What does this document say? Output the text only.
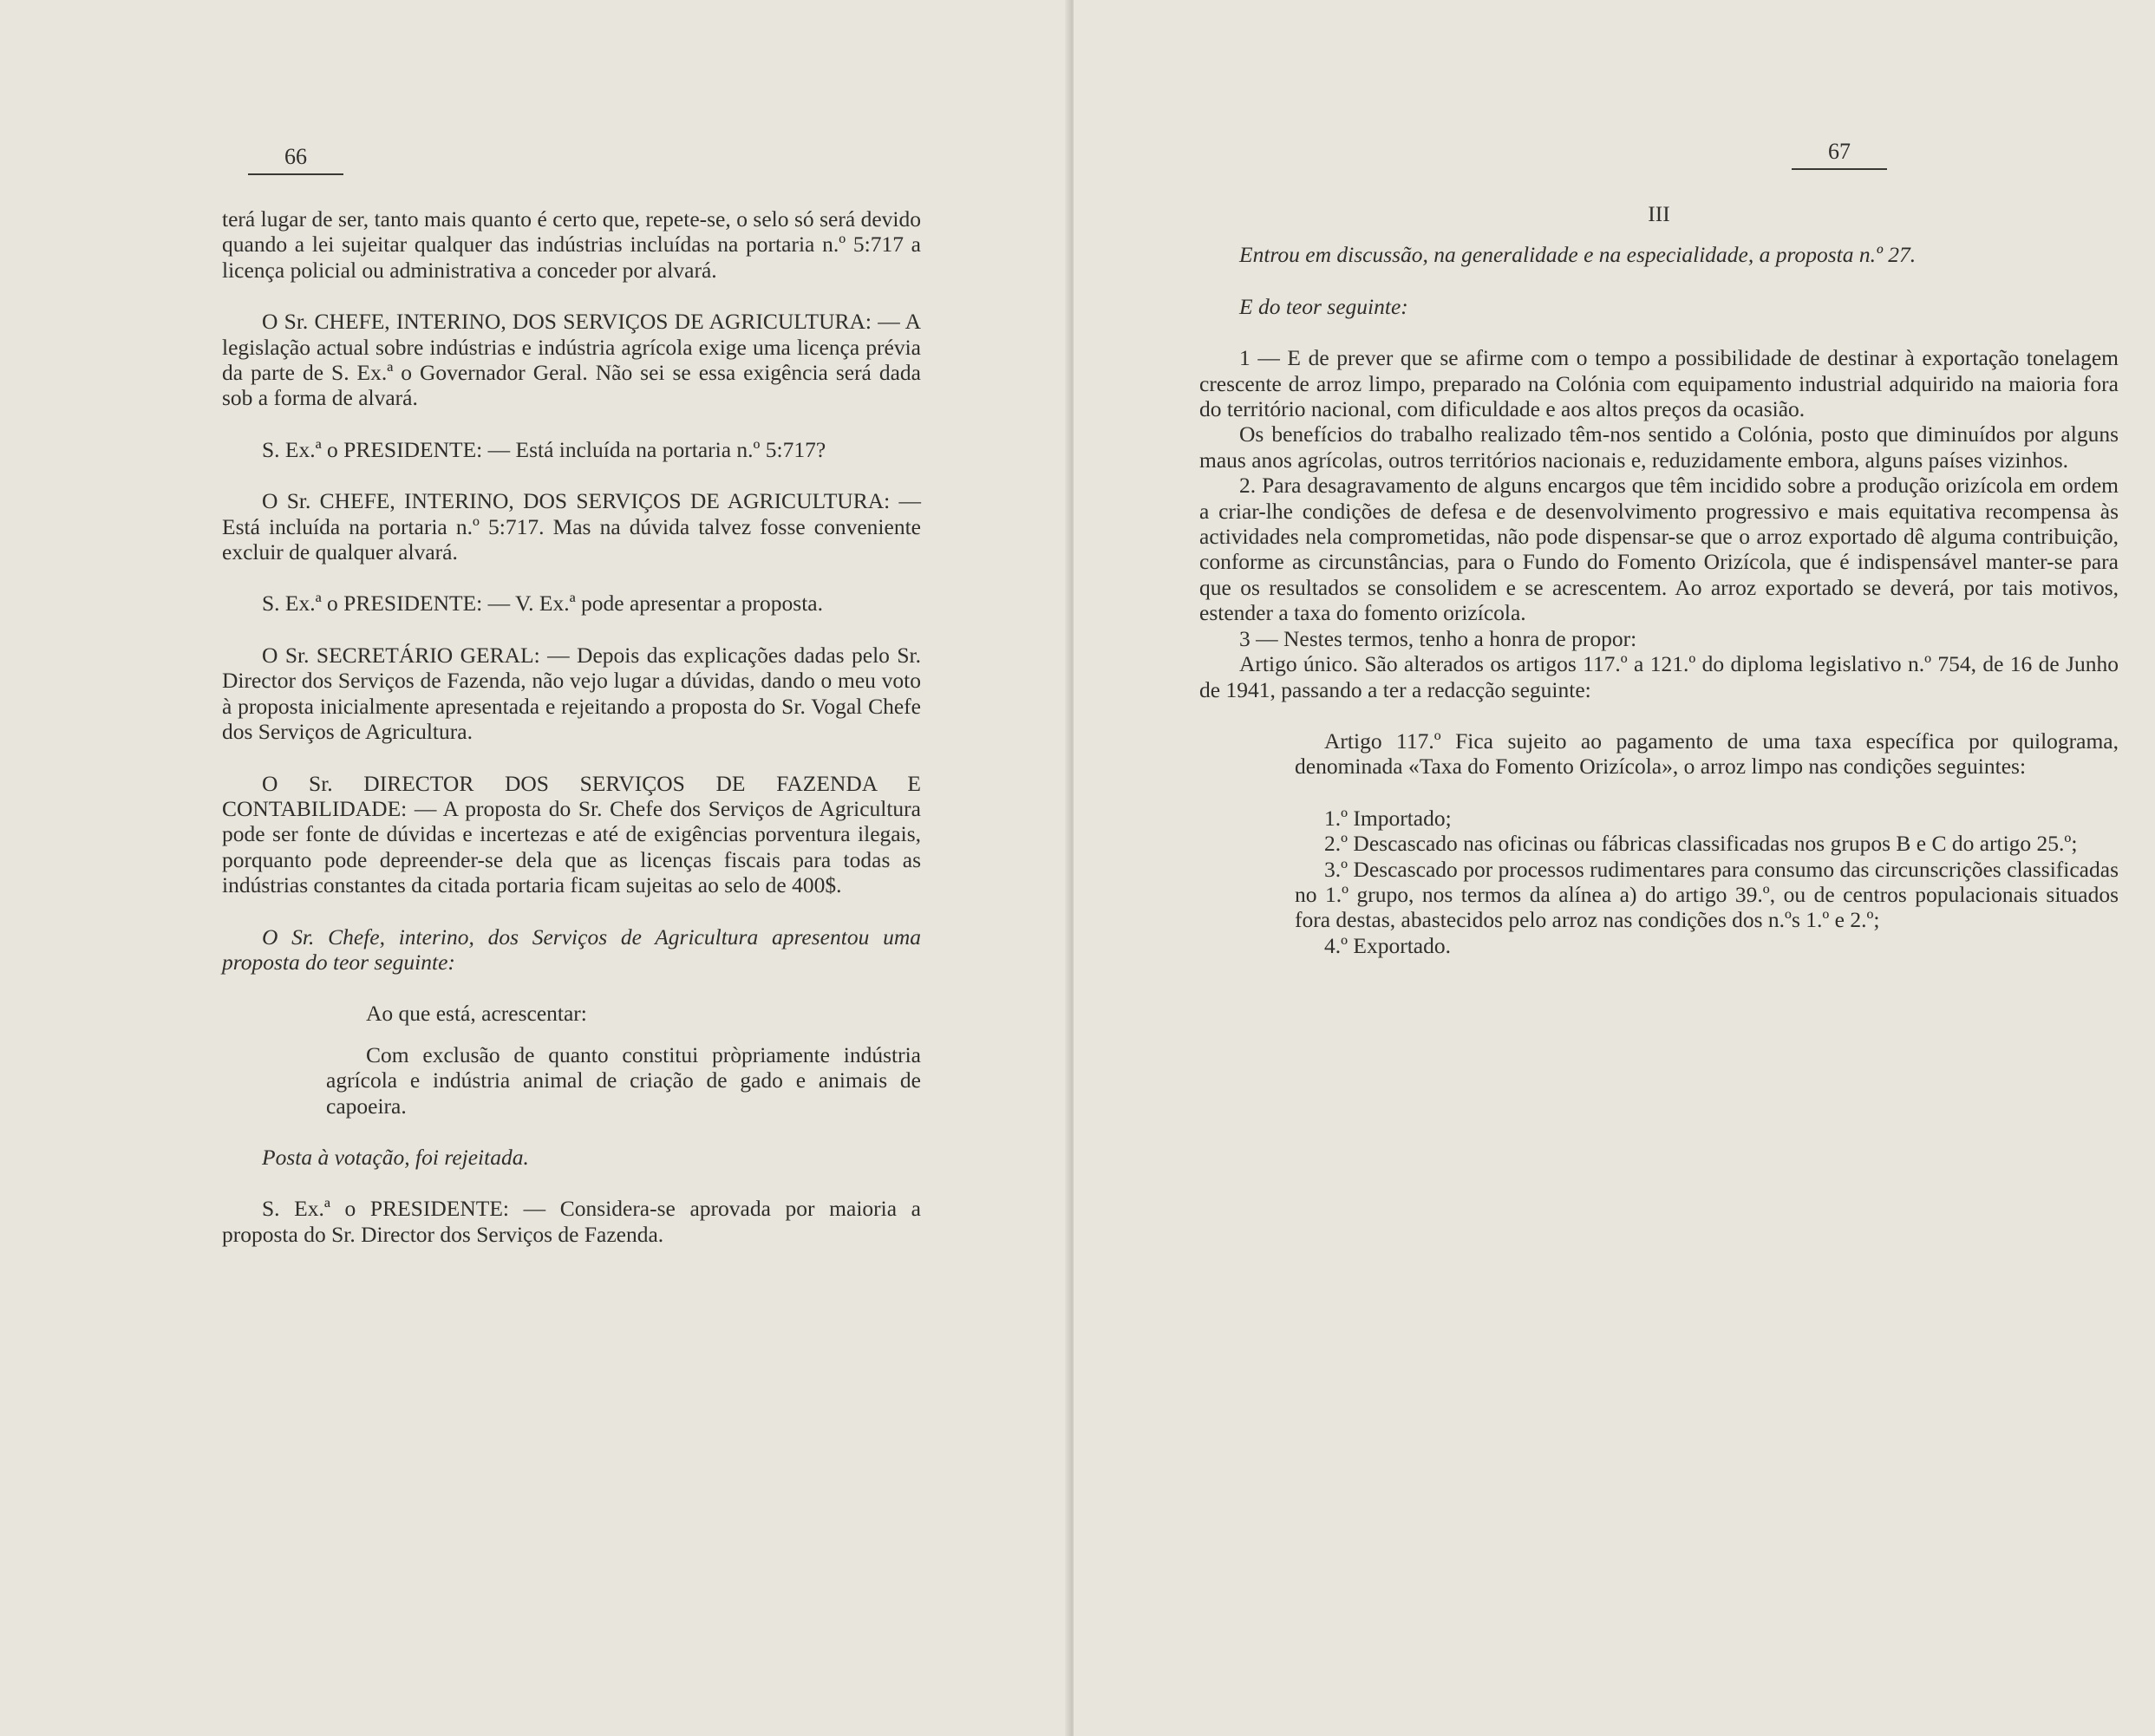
66

terá lugar de ser, tanto mais quanto é certo que, repete-se, o selo só será devido quando a lei sujeitar qualquer das indústrias incluídas na portaria n.º 5:717 a licença policial ou administrativa a conceder por alvará.

O Sr. CHEFE, INTERINO, DOS SERVIÇOS DE AGRICULTURA: — A legislação actual sobre indústrias e indústria agrícola exige uma licença prévia da parte de S. Ex.ª o Governador Geral. Não sei se essa exigência será dada sob a forma de alvará.

S. Ex.ª o PRESIDENTE: — Está incluída na portaria n.º 5:717?

O Sr. CHEFE, INTERINO, DOS SERVIÇOS DE AGRICULTURA: — Está incluída na portaria n.º 5:717. Mas na dúvida talvez fosse conveniente excluir de qualquer alvará.

S. Ex.ª o PRESIDENTE: — V. Ex.ª pode apresentar a proposta.

O Sr. SECRETÁRIO GERAL: — Depois das explicações dadas pelo Sr. Director dos Serviços de Fazenda, não vejo lugar a dúvidas, dando o meu voto à proposta inicialmente apresentada e rejeitando a proposta do Sr. Vogal Chefe dos Serviços de Agricultura.

O Sr. DIRECTOR DOS SERVIÇOS DE FAZENDA E CONTABILIDADE: — A proposta do Sr. Chefe dos Serviços de Agricultura pode ser fonte de dúvidas e incertezas e até de exigências porventura ilegais, porquanto pode depreender-se dela que as licenças fiscais para todas as indústrias constantes da citada portaria ficam sujeitas ao selo de 400$.

O Sr. Chefe, interino, dos Serviços de Agricultura apresentou uma proposta do teor seguinte:

Ao que está, acrescentar:

Com exclusão de quanto constitui pròpriamente indústria agrícola e indústria animal de criação de gado e animais de capoeira.

Posta à votação, foi rejeitada.

S. Ex.ª o PRESIDENTE: — Considera-se aprovada por maioria a proposta do Sr. Director dos Serviços de Fazenda.

67

III

Entrou em discussão, na generalidade e na especialidade, a proposta n.º 27.

E do teor seguinte:

1 — E de prever que se afirme com o tempo a possibilidade de destinar à exportação tonelagem crescente de arroz limpo, preparado na Colónia com equipamento industrial adquirido na maioria fora do território nacional, com dificuldade e aos altos preços da ocasião.

Os benefícios do trabalho realizado têm-nos sentido a Colónia, posto que diminuídos por alguns maus anos agrícolas, outros territórios nacionais e, reduzidamente embora, alguns países vizinhos.

2. Para desagravamento de alguns encargos que têm incidido sobre a produção orizícola em ordem a criar-lhe condições de defesa e de desenvolvimento progressivo e mais equitativa recompensa às actividades nela comprometidas, não pode dispensar-se que o arroz exportado dê alguma contribuição, conforme as circunstâncias, para o Fundo do Fomento Orizícola, que é indispensável manter-se para que os resultados se consolidem e se acrescentem. Ao arroz exportado se deverá, por tais motivos, estender a taxa do fomento orizícola.

3 — Nestes termos, tenho a honra de propor:

Artigo único. São alterados os artigos 117.º a 121.º do diploma legislativo n.º 754, de 16 de Junho de 1941, passando a ter a redacção seguinte:

Artigo 117.º Fica sujeito ao pagamento de uma taxa específica por quilograma, denominada «Taxa do Fomento Orizícola», o arroz limpo nas condições seguintes:

1.º Importado;

2.º Descascado nas oficinas ou fábricas classificadas nos grupos B e C do artigo 25.º;

3.º Descascado por processos rudimentares para consumo das circunscrições classificadas no 1.º grupo, nos termos da alínea a) do artigo 39.º, ou de centros populacionais situados fora destas, abastecidos pelo arroz nas condições dos n.ºs 1.º e 2.º;

4.º Exportado.
